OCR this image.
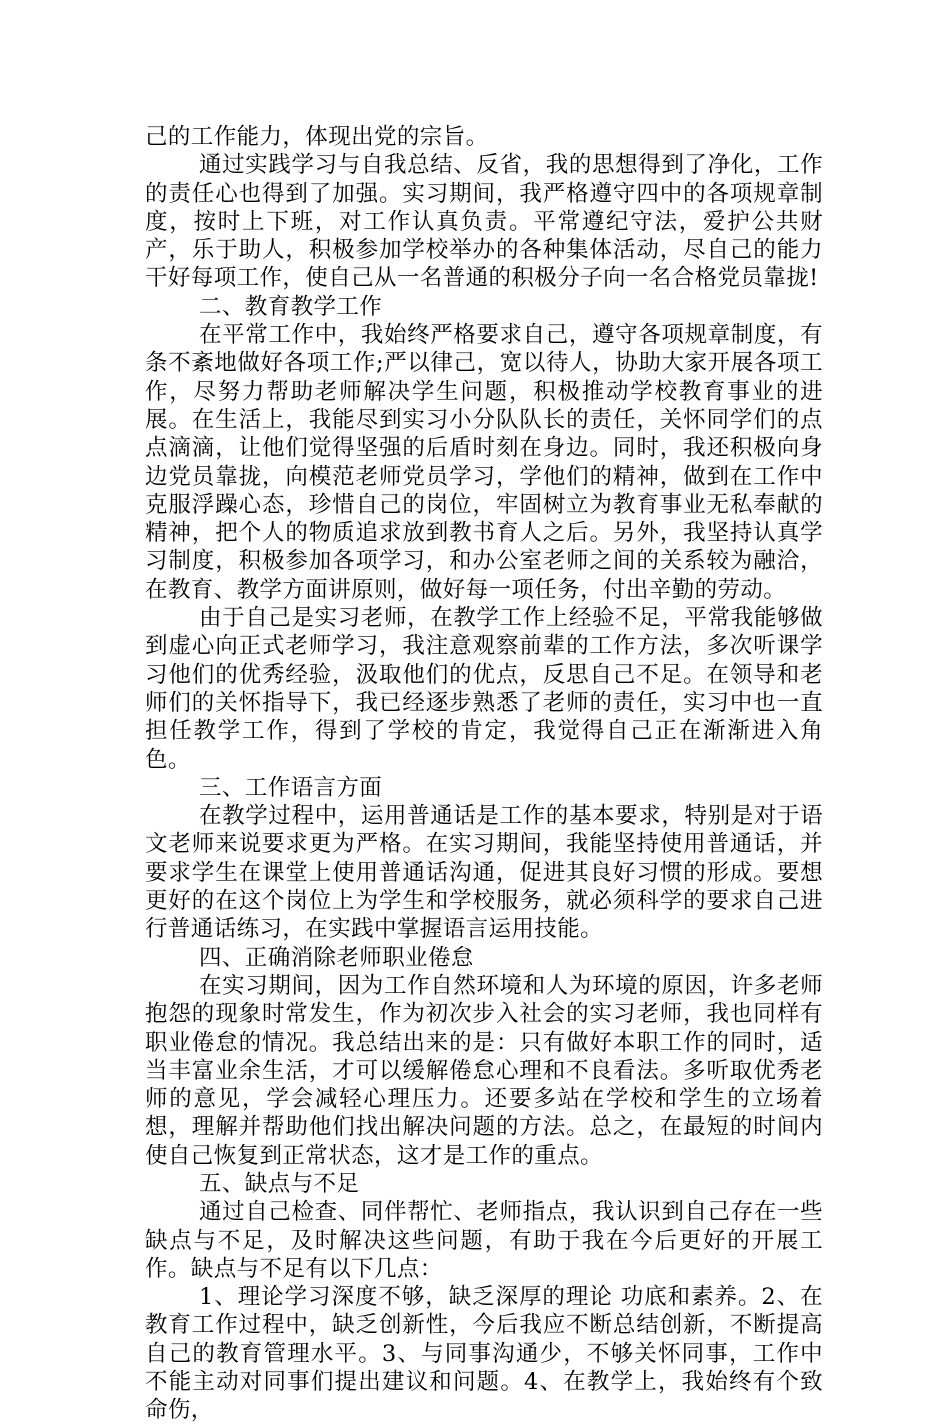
己的工作能力，体现出党的宗旨。

通过实践学习与自我总结、反省，我的思想得到了净化，工作的责任心也得到了加强。实习期间，我严格遵守四中的各项规章制度，按时上下班，对工作认真负责。平常遵纪守法，爱护公共财产，乐于助人，积极参加学校举办的各种集体活动，尽自己的能力干好每项工作，使自己从一名普通的积极分子向一名合格党员靠拢!

二、教育教学工作

在平常工作中，我始终严格要求自己，遵守各项规章制度，有条不紊地做好各项工作;严以律己，宽以待人，协助大家开展各项工作，尽努力帮助老师解决学生问题，积极推动学校教育事业的进展。在生活上，我能尽到实习小分队队长的责任，关怀同学们的点点滴滴，让他们觉得坚强的后盾时刻在身边。同时，我还积极向身边党员靠拢，向模范老师党员学习，学他们的精神，做到在工作中克服浮躁心态，珍惜自己的岗位，牢固树立为教育事业无私奉献的精神，把个人的物质追求放到教书育人之后。另外，我坚持认真学习制度，积极参加各项学习，和办公室老师之间的关系较为融洽，在教育、教学方面讲原则，做好每一项任务，付出辛勤的劳动。

由于自己是实习老师，在教学工作上经验不足，平常我能够做到虚心向正式老师学习，我注意观察前辈的工作方法，多次听课学习他们的优秀经验，汲取他们的优点，反思自己不足。在领导和老师们的关怀指导下，我已经逐步熟悉了老师的责任，实习中也一直担任教学工作，得到了学校的肯定，我觉得自己正在渐渐进入角色。

三、工作语言方面

在教学过程中，运用普通话是工作的基本要求，特别是对于语文老师来说要求更为严格。在实习期间，我能坚持使用普通话，并要求学生在课堂上使用普通话沟通，促进其良好习惯的形成。要想更好的在这个岗位上为学生和学校服务，就必须科学的要求自己进行普通话练习，在实践中掌握语言运用技能。

四、正确消除老师职业倦怠

在实习期间，因为工作自然环境和人为环境的原因，许多老师抱怨的现象时常发生，作为初次步入社会的实习老师，我也同样有职业倦怠的情况。我总结出来的是：只有做好本职工作的同时，适当丰富业余生活，才可以缓解倦怠心理和不良看法。多听取优秀老师的意见，学会减轻心理压力。还要多站在学校和学生的立场着想，理解并帮助他们找出解决问题的方法。总之，在最短的时间内使自己恢复到正常状态，这才是工作的重点。

五、缺点与不足

通过自己检查、同伴帮忙、老师指点，我认识到自己存在一些缺点与不足，及时解决这些问题，有助于我在今后更好的开展工作。缺点与不足有以下几点：

1、理论学习深度不够，缺乏深厚的理论 功底和素养。2、在教育工作过程中，缺乏创新性，今后我应不断总结创新，不断提高自己的教育管理水平。3、与同事沟通少，不够关怀同事，工作中不能主动对同事们提出建议和问题。4、在教学上，我始终有个致命伤，
